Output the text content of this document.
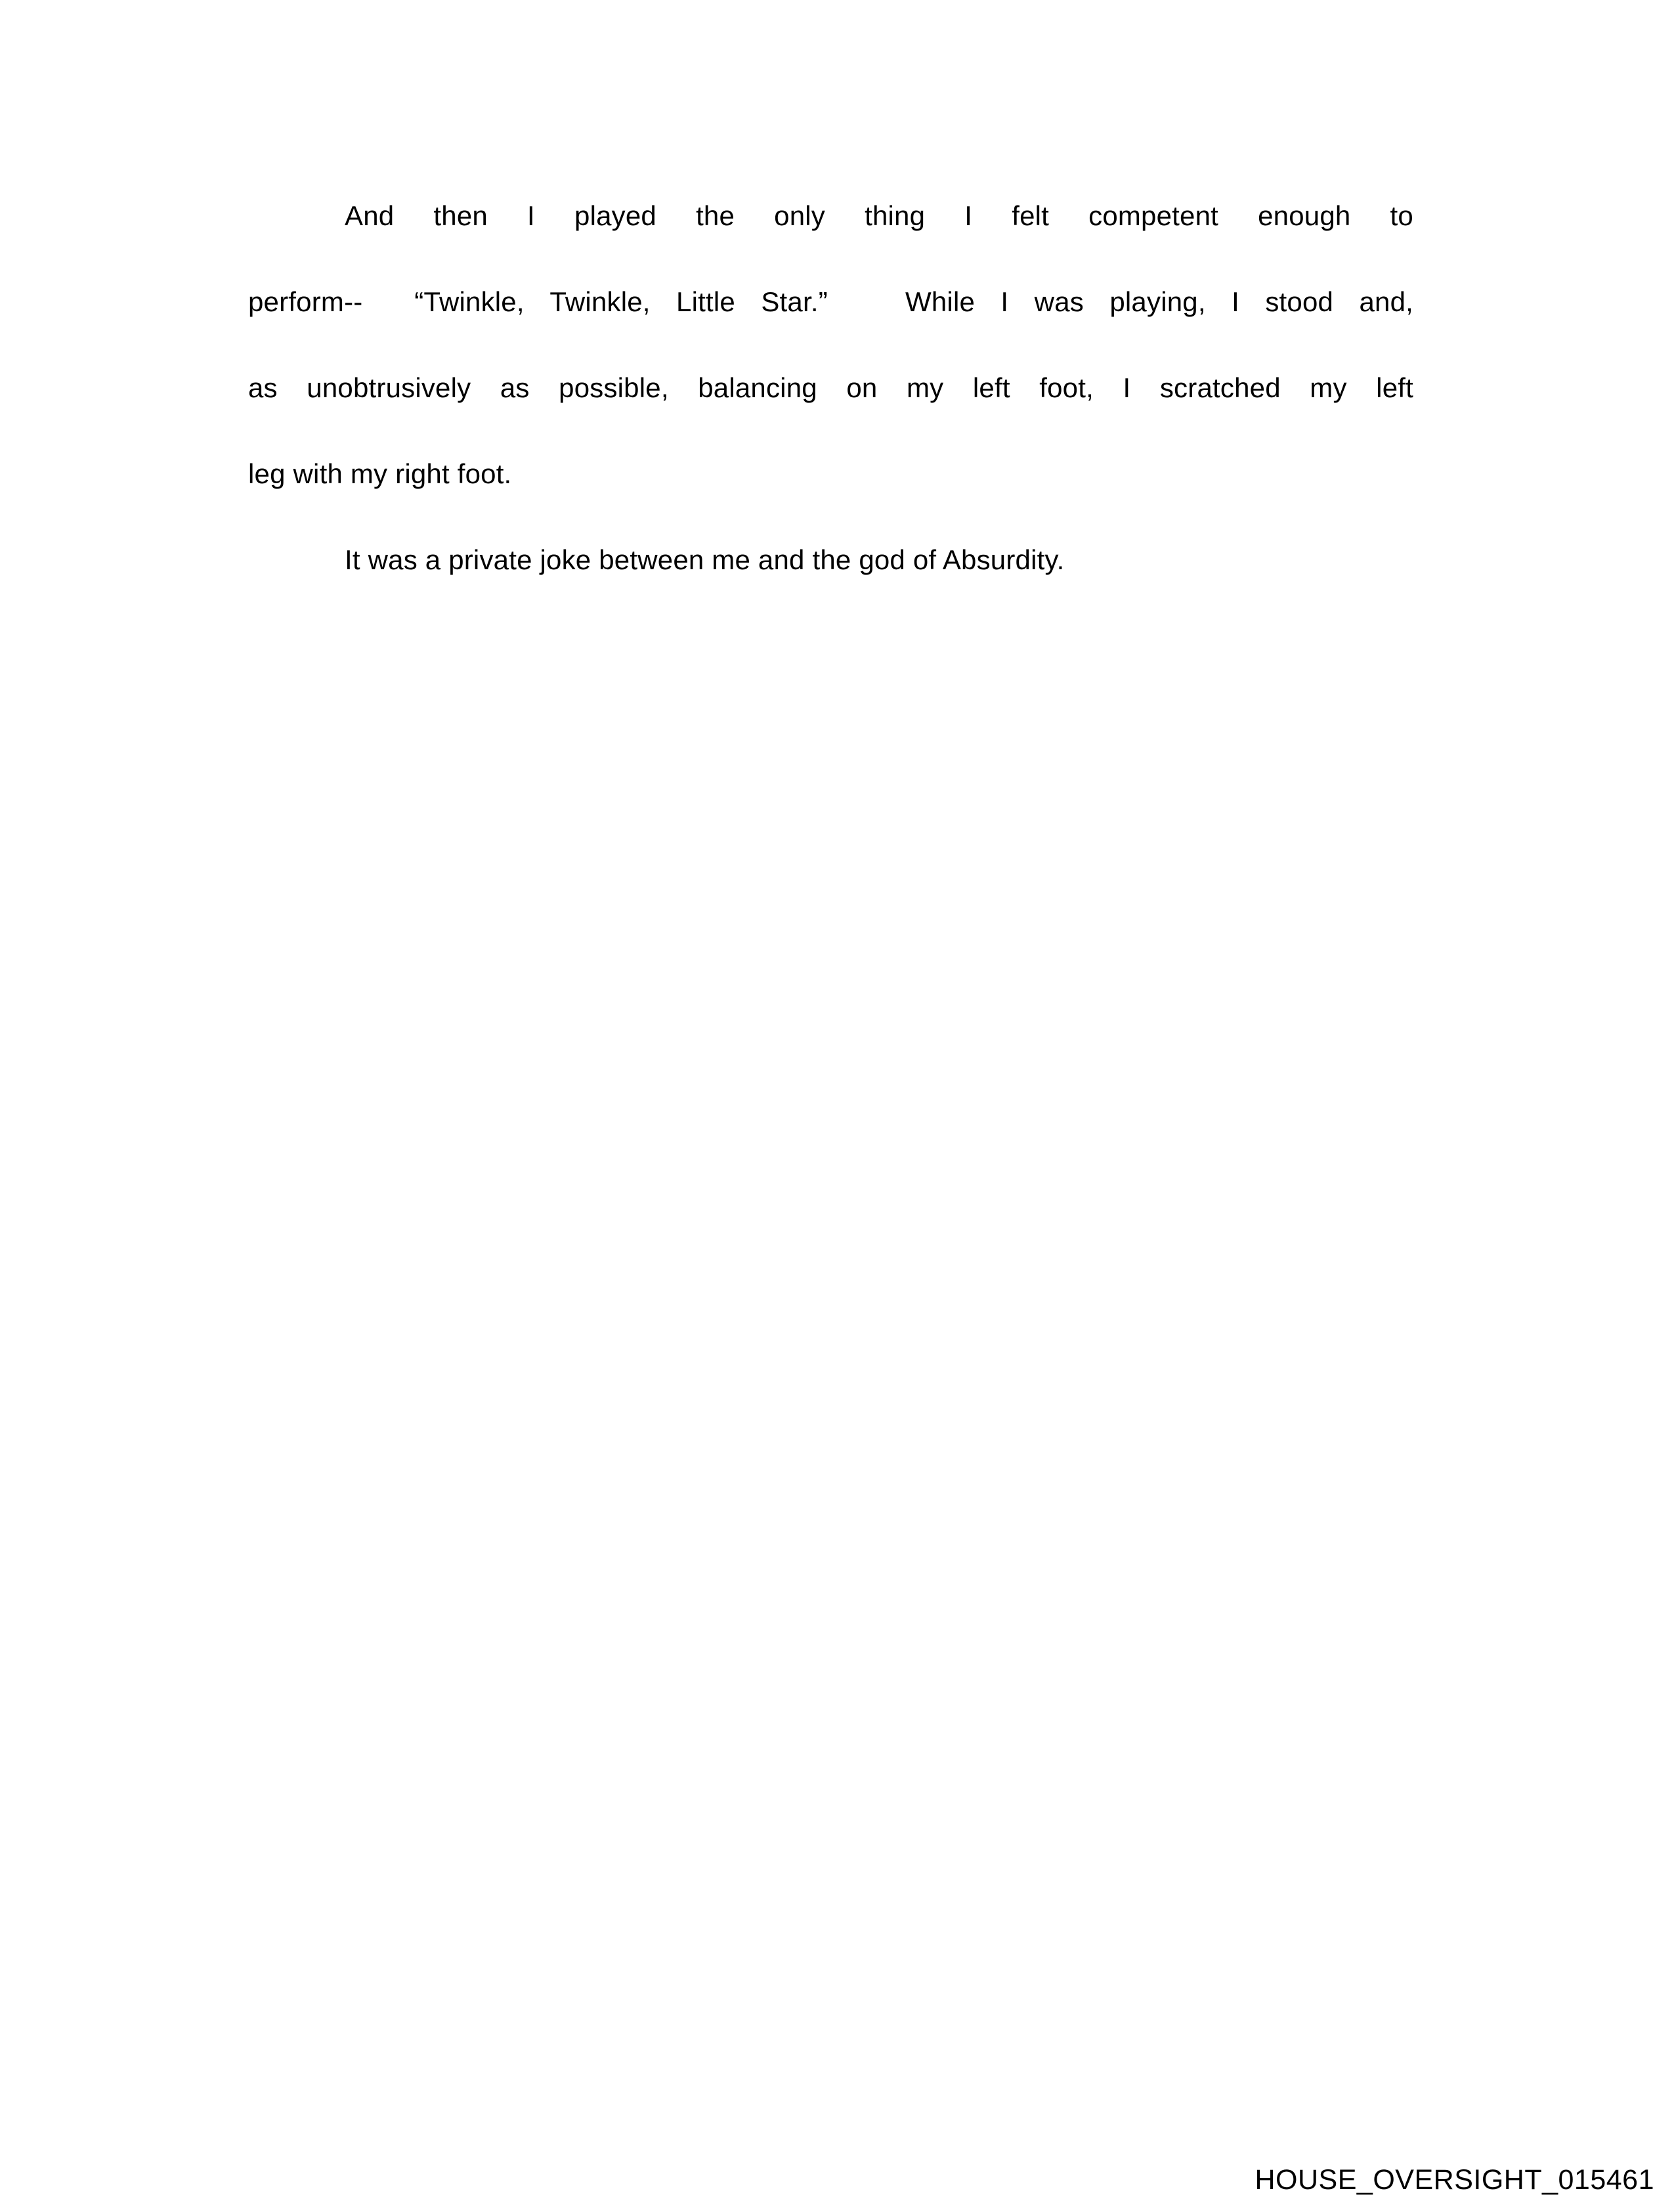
And then I played the only thing I felt competent enough to
perform--  “Twinkle, Twinkle, Little Star.”   While I was playing, I stood and,
as unobtrusively as possible, balancing on my left foot, I scratched my left
leg with my right foot.
It was a private joke between me and the god of Absurdity.
HOUSE_OVERSIGHT_015461
